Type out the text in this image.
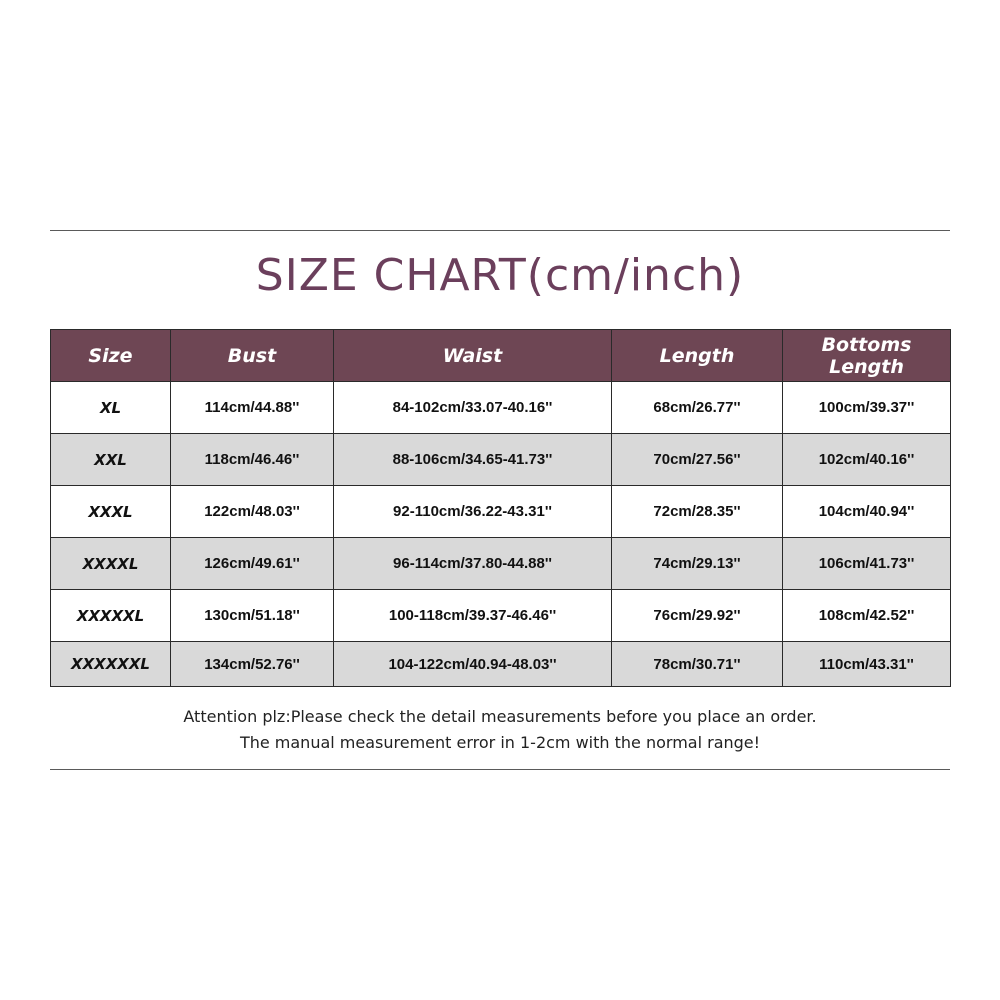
SIZE CHART(cm/inch)
Size	Bust	Waist	Length	Bottoms Length
XL	114cm/44.88''	84-102cm/33.07-40.16''	68cm/26.77''	100cm/39.37''
XXL	118cm/46.46''	88-106cm/34.65-41.73''	70cm/27.56''	102cm/40.16''
XXXL	122cm/48.03''	92-110cm/36.22-43.31''	72cm/28.35''	104cm/40.94''
XXXXL	126cm/49.61''	96-114cm/37.80-44.88''	74cm/29.13''	106cm/41.73''
XXXXXL	130cm/51.18''	100-118cm/39.37-46.46''	76cm/29.92''	108cm/42.52''
XXXXXXL	134cm/52.76''	104-122cm/40.94-48.03''	78cm/30.71''	110cm/43.31''
Attention plz:Please check the detail measurements before you place an order.
The manual measurement error in 1-2cm with the normal range!
